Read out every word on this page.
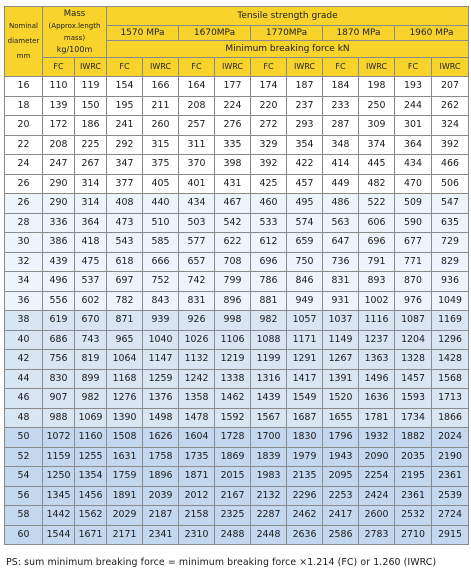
Nominal diameter mm	Mass
(Approx.length mass)
kg/100m		Tensile strength grade									
			1570 MPa		1670MPa		1770MPa		1870 MPa		1960 MPa	
			Minimum breaking force kN									
	FC	IWRC	FC	IWRC	FC	IWRC	FC	IWRC	FC	IWRC	FC	IWRC
16	110	119	154	166	164	177	174	187	184	198	193	207
18	139	150	195	211	208	224	220	237	233	250	244	262
20	172	186	241	260	257	276	272	293	287	309	301	324
22	208	225	292	315	311	335	329	354	348	374	364	392
24	247	267	347	375	370	398	392	422	414	445	434	466
26	290	314	377	405	401	431	425	457	449	482	470	506
26	290	314	408	440	434	467	460	495	486	522	509	547
28	336	364	473	510	503	542	533	574	563	606	590	635
30	386	418	543	585	577	622	612	659	647	696	677	729
32	439	475	618	666	657	708	696	750	736	791	771	829
34	496	537	697	752	742	799	786	846	831	893	870	936
36	556	602	782	843	831	896	881	949	931	1002	976	1049
38	619	670	871	939	926	998	982	1057	1037	1116	1087	1169
40	686	743	965	1040	1026	1106	1088	1171	1149	1237	1204	1296
42	756	819	1064	1147	1132	1219	1199	1291	1267	1363	1328	1428
44	830	899	1168	1259	1242	1338	1316	1417	1391	1496	1457	1568
46	907	982	1276	1376	1358	1462	1439	1549	1520	1636	1593	1713
48	988	1069	1390	1498	1478	1592	1567	1687	1655	1781	1734	1866
50	1072	1160	1508	1626	1604	1728	1700	1830	1796	1932	1882	2024
52	1159	1255	1631	1758	1735	1869	1839	1979	1943	2090	2035	2190
54	1250	1354	1759	1896	1871	2015	1983	2135	2095	2254	2195	2361
56	1345	1456	1891	2039	2012	2167	2132	2296	2253	2424	2361	2539
58	1442	1562	2029	2187	2158	2325	2287	2462	2417	2600	2532	2724
60	1544	1671	2171	2341	2310	2488	2448	2636	2586	2783	2710	2915
PS: sum minimum breaking force = minimum breaking force ×1.214 (FC) or 1.260 (IWRC)
